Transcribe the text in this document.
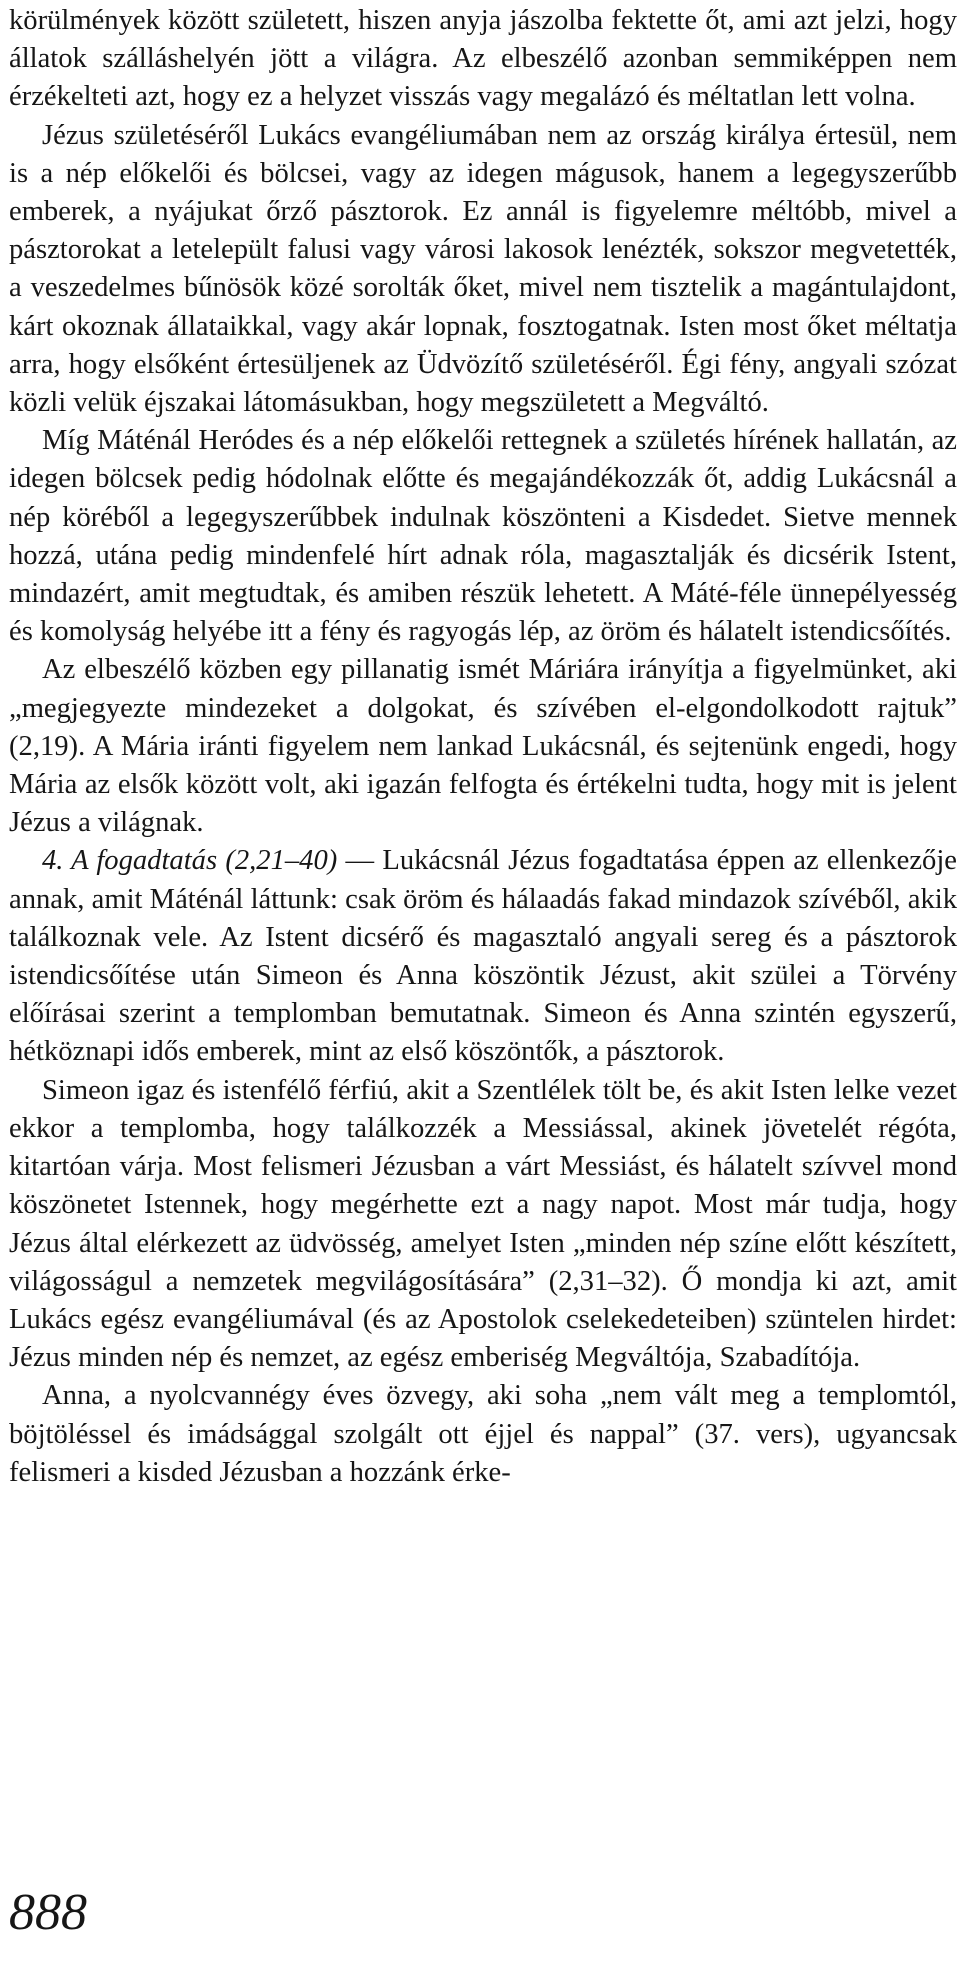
körülmények között született, hiszen anyja jászolba fektette őt, ami azt jelzi, hogy állatok szálláshelyén jött a világra. Az elbeszélő azonban semmiképpen nem érzékelteti azt, hogy ez a helyzet visszás vagy megalázó és méltatlan lett volna.

Jézus születéséről Lukács evangéliumában nem az ország királya értesül, nem is a nép előkelői és bölcsei, vagy az idegen mágusok, hanem a legegyszerűbb emberek, a nyájukat őrző pásztorok. Ez annál is figyelemre méltóbb, mivel a pásztorokat a letelepült falusi vagy városi lakosok lenézték, sokszor megvetették, a veszedelmes bűnösök közé sorolták őket, mivel nem tisztelik a magántulajdont, kárt okoznak állataikkal, vagy akár lopnak, fosztogatnak. Isten most őket méltatja arra, hogy elsőként értesüljenek az Üdvözítő születéséről. Égi fény, angyali szózat közli velük éjszakai látomásukban, hogy megszületett a Megváltó.

Míg Máténál Heródes és a nép előkelői rettegnek a születés hírének hallatán, az idegen bölcsek pedig hódolnak előtte és megajándékozzák őt, addig Lukácsnál a nép köréből a legegyszerűbbek indulnak köszönteni a Kisdedet. Sietve mennek hozzá, utána pedig mindenfelé hírt adnak róla, magasztalják és dicsérik Istent, mindazért, amit megtudtak, és amiben részük lehetett. A Máté-féle ünnepélyesség és komolyság helyébe itt a fény és ragyogás lép, az öröm és hálatelt istendicsőítés.

Az elbeszélő közben egy pillanatig ismét Máriára irányítja a figyelmünket, aki „megjegyezte mindezeket a dolgokat, és szívében el-elgondolkodott rajtuk” (2,19). A Mária iránti figyelem nem lankad Lukácsnál, és sejtenünk engedi, hogy Mária az elsők között volt, aki igazán felfogta és értékelni tudta, hogy mit is jelent Jézus a világnak.

4. A fogadtatás (2,21–40) — Lukácsnál Jézus fogadtatása éppen az ellenkezője annak, amit Máténál láttunk: csak öröm és hálaadás fakad mindazok szívéből, akik találkoznak vele. Az Istent dicsérő és magasztaló angyali sereg és a pásztorok istendicsőítése után Simeon és Anna köszöntik Jézust, akit szülei a Törvény előírásai szerint a templomban bemutatnak. Simeon és Anna szintén egyszerű, hétköznapi idős emberek, mint az első köszöntők, a pásztorok.

Simeon igaz és istenfélő férfiú, akit a Szentlélek tölt be, és akit Isten lelke vezet ekkor a templomba, hogy találkozzék a Messiással, akinek jövetelét régóta, kitartóan várja. Most felismeri Jézusban a várt Messiást, és hálatelt szívvel mond köszönetet Istennek, hogy megérhette ezt a nagy napot. Most már tudja, hogy Jézus által elérkezett az üdvösség, amelyet Isten „minden nép színe előtt készített, világosságul a nemzetek megvilágosítására” (2,31–32). Ő mondja ki azt, amit Lukács egész evangéliumával (és az Apostolok cselekedeteiben) szüntelen hirdet: Jézus minden nép és nemzet, az egész emberiség Megváltója, Szabadítója.

Anna, a nyolcvannégy éves özvegy, aki soha „nem vált meg a templomtól, böjtöléssel és imádsággal szolgált ott éjjel és nappal” (37. vers), ugyancsak felismeri a kisded Jézusban a hozzánk érke-

888
